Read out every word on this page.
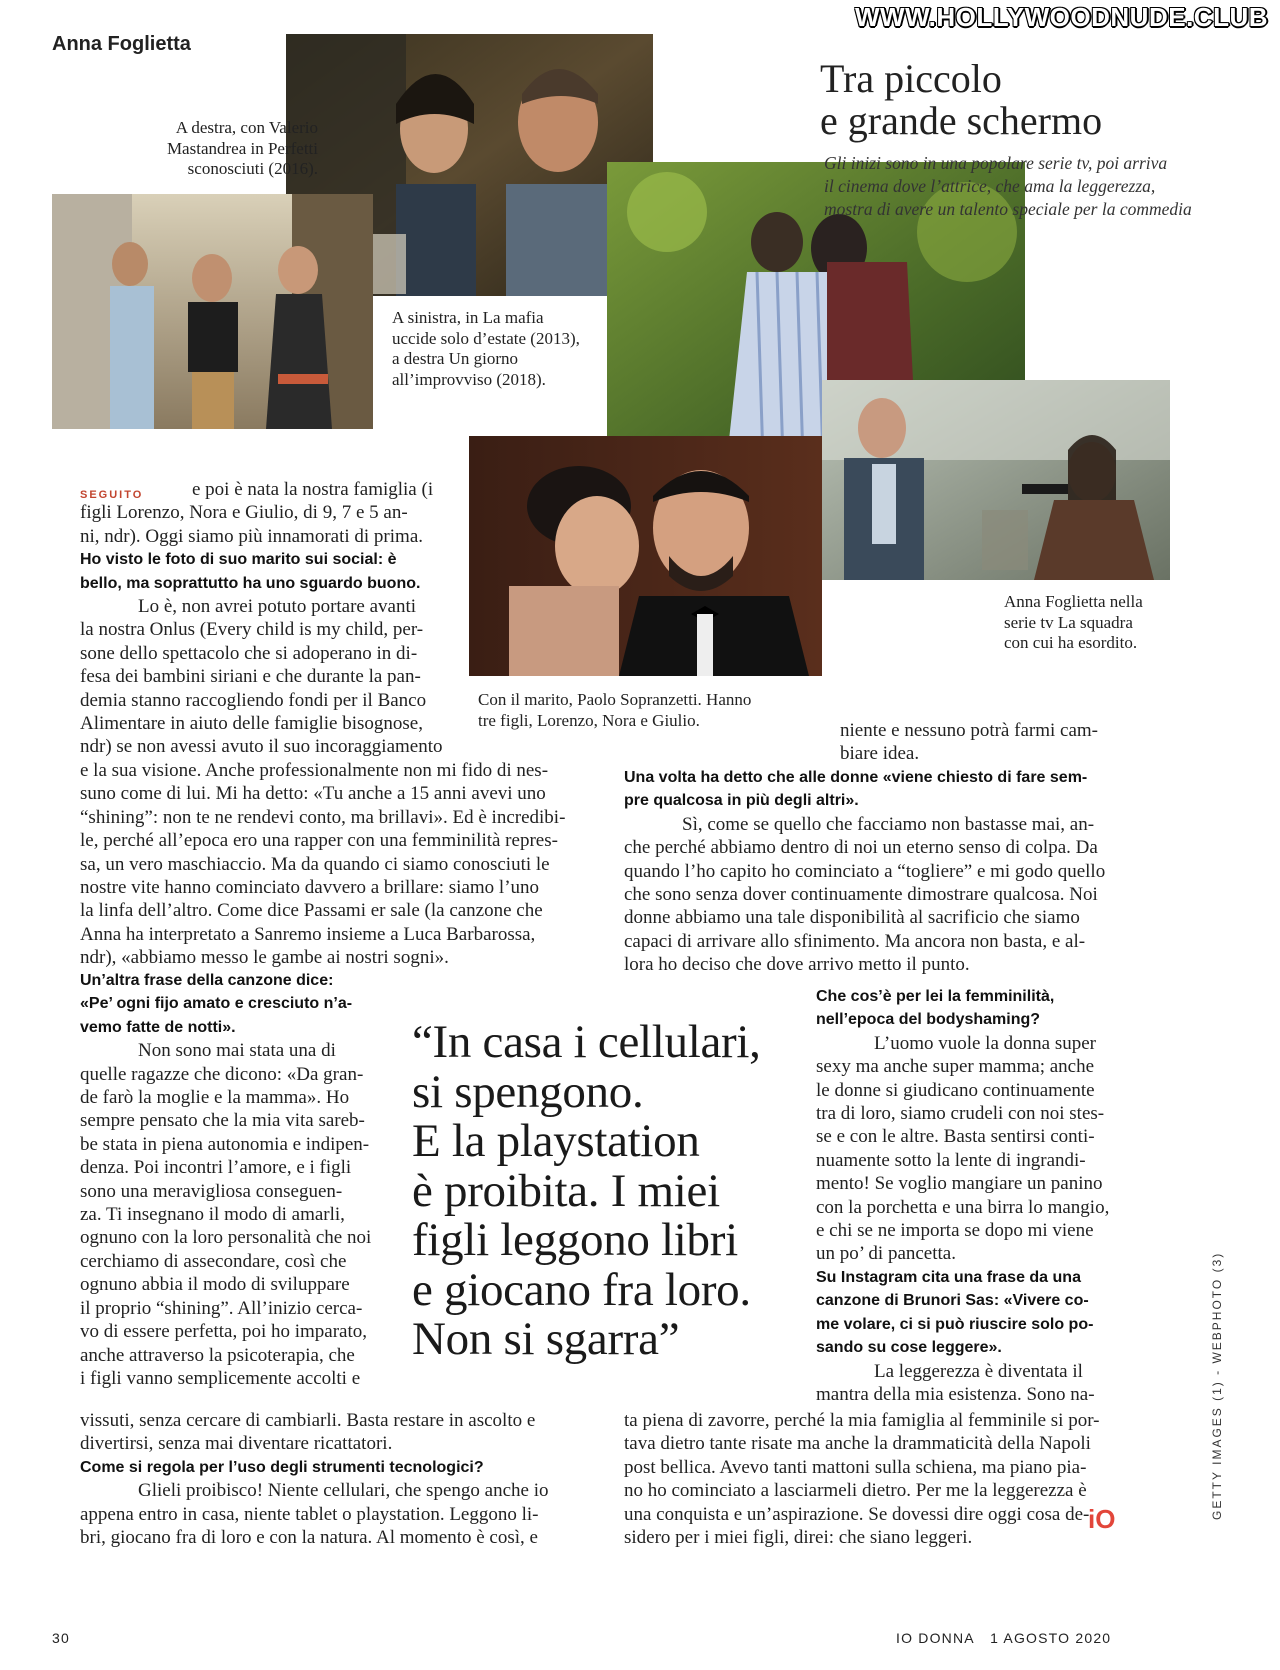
WWW.HOLLYWOODNUDE.CLUB
Anna Foglietta
Tra piccolo
e grande schermo
Gli inizi sono in una popolare serie tv, poi arriva
il cinema dove l’attrice, che ama la leggerezza,
mostra di avere un talento speciale per la commedia
A destra, con Valerio
Mastandrea in Perfetti
sconosciuti (2016).
A sinistra, in La mafia
uccide solo d’estate (2013),
a destra Un giorno
all’improvviso (2018).
Con il marito, Paolo Sopranzetti. Hanno
tre figli, Lorenzo, Nora e Giulio.
Anna Foglietta nella
serie tv La squadra
con cui ha esordito.
SEGUITO	e poi è nata la nostra famiglia (i
figli Lorenzo, Nora e Giulio, di 9, 7 e 5 an-
ni, ndr). Oggi siamo più innamorati di prima.
Ho visto le foto di suo marito sui social: è
bello, ma soprattutto ha uno sguardo buono.
Lo è, non avrei potuto portare avanti
la nostra Onlus (Every child is my child, per-
sone dello spettacolo che si adoperano in di-
fesa dei bambini siriani e che durante la pan-
demia stanno raccogliendo fondi per il Banco
Alimentare in aiuto delle famiglie bisognose,
ndr) se non avessi avuto il suo incoraggiamento
e la sua visione. Anche professionalmente non mi fido di nes-
suno come di lui. Mi ha detto: «Tu anche a 15 anni avevi uno
“shining”: non te ne rendevi conto, ma brillavi». Ed è incredibi-
le, perché all’epoca ero una rapper con una femminilità repres-
sa, un vero maschiaccio. Ma da quando ci siamo conosciuti le
nostre vite hanno cominciato davvero a brillare: siamo l’uno
la linfa dell’altro. Come dice Passami er sale (la canzone che
Anna ha interpretato a Sanremo insieme a Luca Barbarossa,
ndr), «abbiamo messo le gambe ai nostri sogni».
Un’altra frase della canzone dice:
«Pe’ ogni fijo amato e cresciuto n’a-
vemo fatte de notti».
Non sono mai stata una di
quelle ragazze che dicono: «Da gran-
de farò la moglie e la mamma». Ho
sempre pensato che la mia vita sareb-
be stata in piena autonomia e indipen-
denza. Poi incontri l’amore, e i figli
sono una meravigliosa conseguen-
za. Ti insegnano il modo di amarli,
ognuno con la loro personalità che noi
cerchiamo di assecondare, così che
ognuno abbia il modo di sviluppare
il proprio “shining”. All’inizio cerca-
vo di essere perfetta, poi ho imparato,
anche attraverso la psicoterapia, che
i figli vanno semplicemente accolti e
vissuti, senza cercare di cambiarli. Basta restare in ascolto e
divertirsi, senza mai diventare ricattatori.
Come si regola per l’uso degli strumenti tecnologici?
Glieli proibisco! Niente cellulari, che spengo anche io
appena entro in casa, niente tablet o playstation. Leggono li-
bri, giocano fra di loro e con la natura. Al momento è così, e
“In casa i cellulari,
si spengono.
E la playstation
è proibita. I miei
figli leggono libri
e giocano fra loro.
Non si sgarra”
niente e nessuno potrà farmi cam-
biare idea.
Una volta ha detto che alle donne «viene chiesto di fare sem-
pre qualcosa in più degli altri».
Sì, come se quello che facciamo non bastasse mai, an-
che perché abbiamo dentro di noi un eterno senso di colpa. Da
quando l’ho capito ho cominciato a “togliere” e mi godo quello
che sono senza dover continuamente dimostrare qualcosa. Noi
donne abbiamo una tale disponibilità al sacrificio che siamo
capaci di arrivare allo sfinimento. Ma ancora non basta, e al-
lora ho deciso che dove arrivo metto il punto.
Che cos’è per lei la femminilità,
nell’epoca del bodyshaming?
L’uomo vuole la donna super
sexy ma anche super mamma; anche
le donne si giudicano continuamente
tra di loro, siamo crudeli con noi stes-
se e con le altre. Basta sentirsi conti-
nuamente sotto la lente di ingrandi-
mento! Se voglio mangiare un panino
con la porchetta e una birra lo mangio,
e chi se ne importa se dopo mi viene
un po’ di pancetta.
Su Instagram cita una frase da una
canzone di Brunori Sas: «Vivere co-
me volare, ci si può riuscire solo po-
sando su cose leggere».
La leggerezza è diventata il
mantra della mia esistenza. Sono na-
ta piena di zavorre, perché la mia famiglia al femminile si por-
tava dietro tante risate ma anche la drammaticità della Napoli
post bellica. Avevo tanti mattoni sulla schiena, ma piano pia-
no ho cominciato a lasciarmeli dietro. Per me la leggerezza è
una conquista e un’aspirazione. Se dovessi dire oggi cosa de-
sidero per i miei figli, direi: che siano leggeri.
iO
30	IO DONNA 1 AGOSTO 2020
GETTY IMAGES (1) - WEBPHOTO (3)
